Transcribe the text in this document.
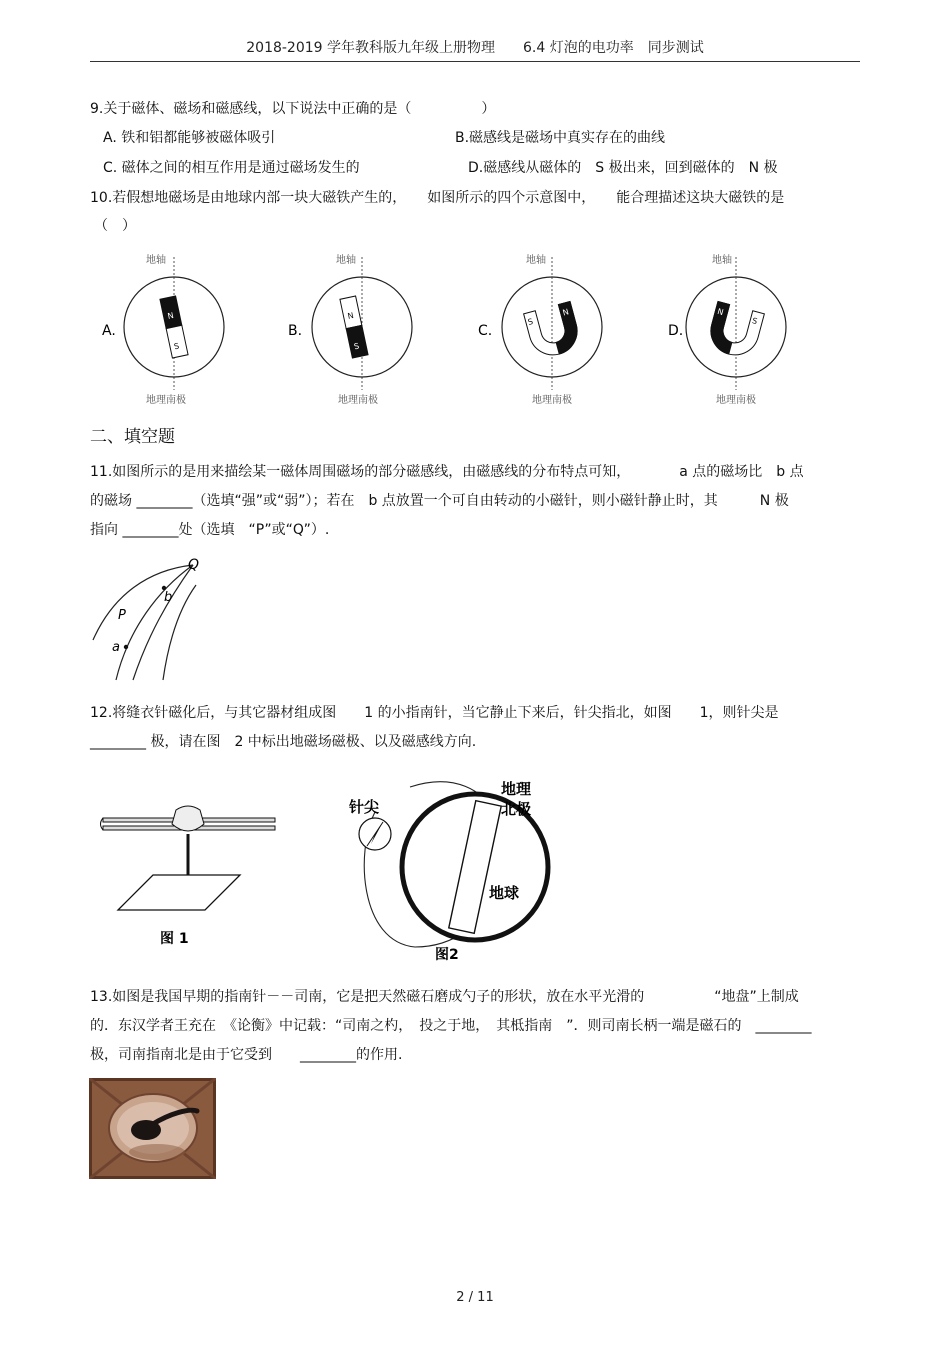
2018-2019 学年教科版九年级上册物理　　6.4 灯泡的电功率　同步测试
9.关于磁体、磁场和磁感线，以下说法中正确的是（　　　　　）
A. 铁和铝都能够被磁体吸引	B.磁感线是磁场中真实存在的曲线
C. 磁体之间的相互作用是通过磁场发生的	D.磁感线从磁体的　S 极出来，回到磁体的　N 极
10.若假想地磁场是由地球内部一块大磁铁产生的，　　如图所示的四个示意图中，　　能合理描述这块大磁铁的是
（　）
A.
地轴
N
S
地理南极
B.
地轴
N
S
地理南极
C.
地轴
S
N
地理南极
D.
地轴
N
S
地理南极
二、填空题
11.如图所示的是用来描绘某一磁体周围磁场的部分磁感线，由磁感线的分布特点可知，　　　　a 点的磁场比　b 点
的磁场 ________（选填“强”或“弱”）；若在　b 点放置一个可自由转动的小磁针，则小磁针静止时，其　　　N 极
指向 ________处（选填　“P”或“Q”）.
Q
P
b
a
12.将缝衣针磁化后，与其它器材组成图　　1 的小指南针，当它静止下来后，针尖指北，如图　　1，则针尖是
________ 极，请在图　2 中标出地磁场磁极、以及磁感线方向.
图 1
针尖
地理
北极
地球
图2
13.如图是我国早期的指南针－－司南，它是把天然磁石磨成勺子的形状，放在水平光滑的　　　　　“地盘”上制成
的．东汉学者王充在　《论衡》中记载：“司南之杓，　投之于地，　其柢指南　”．则司南长柄一端是磁石的　________
极，司南指南北是由于它受到　　________的作用.
2 / 11
